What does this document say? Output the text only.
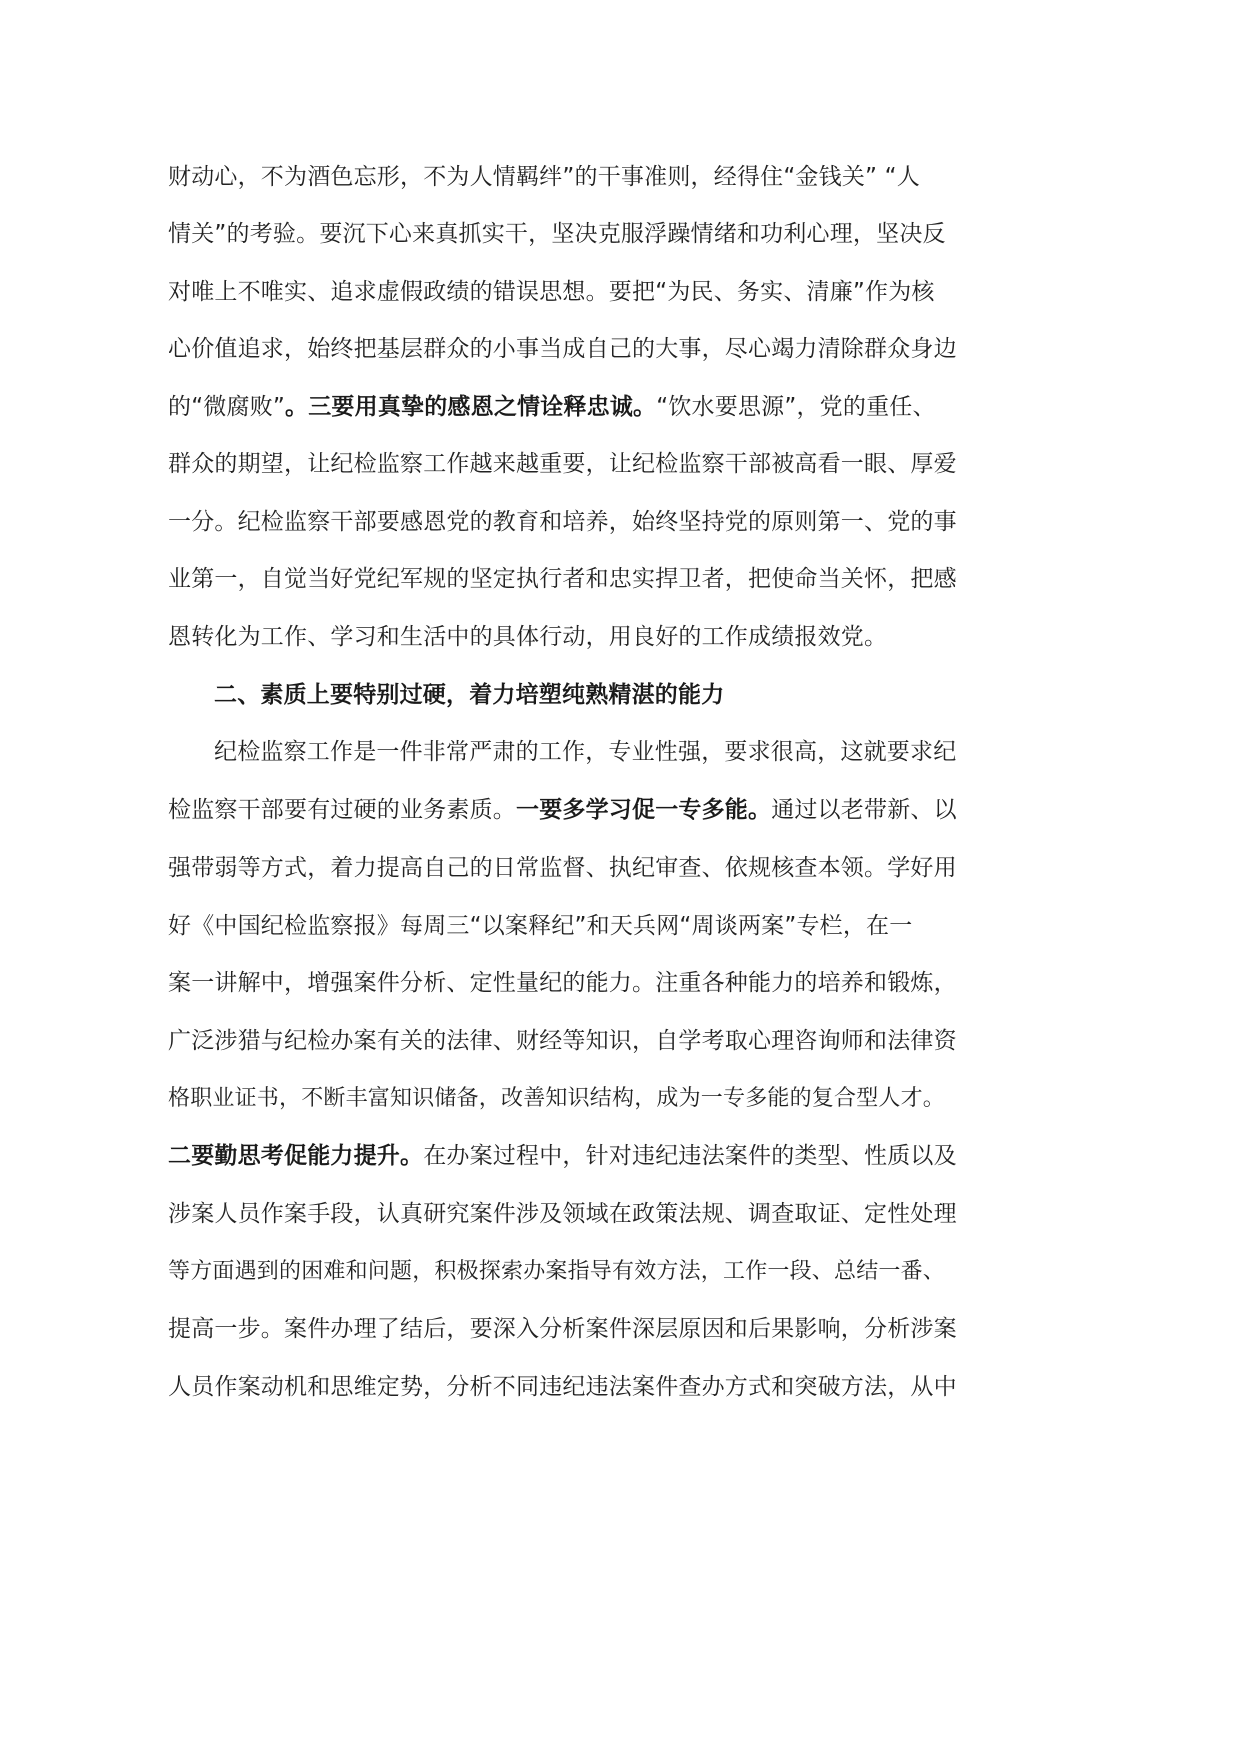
财动心，不为酒色忘形，不为人情羁绊”的干事准则，经得住“金钱关” “人
情关”的考验。要沉下心来真抓实干，坚决克服浮躁情绪和功利心理，坚决反
对唯上不唯实、追求虚假政绩的错误思想。要把“为民、务实、清廉”作为核
心价值追求，始终把基层群众的小事当成自己的大事，尽心竭力清除群众身边
的“微腐败”。三要用真挚的感恩之情诠释忠诚。“饮水要思源”，党的重任、
群众的期望，让纪检监察工作越来越重要，让纪检监察干部被高看一眼、厚爱
一分。纪检监察干部要感恩党的教育和培养，始终坚持党的原则第一、党的事
业第一，自觉当好党纪军规的坚定执行者和忠实捍卫者，把使命当关怀，把感
恩转化为工作、学习和生活中的具体行动，用良好的工作成绩报效党。
二、素质上要特别过硬，着力培塑纯熟精湛的能力
纪检监察工作是一件非常严肃的工作，专业性强，要求很高，这就要求纪
检监察干部要有过硬的业务素质。一要多学习促一专多能。通过以老带新、以
强带弱等方式，着力提高自己的日常监督、执纪审查、依规核查本领。学好用
好《中国纪检监察报》每周三“以案释纪”和天兵网“周谈两案”专栏，在一
案一讲解中，增强案件分析、定性量纪的能力。注重各种能力的培养和锻炼，
广泛涉猎与纪检办案有关的法律、财经等知识，自学考取心理咨询师和法律资
格职业证书，不断丰富知识储备，改善知识结构，成为一专多能的复合型人才。
二要勤思考促能力提升。在办案过程中，针对违纪违法案件的类型、性质以及
涉案人员作案手段，认真研究案件涉及领域在政策法规、调查取证、定性处理
等方面遇到的困难和问题，积极探索办案指导有效方法，工作一段、总结一番、
提高一步。案件办理了结后，要深入分析案件深层原因和后果影响，分析涉案
人员作案动机和思维定势，分析不同违纪违法案件查办方式和突破方法，从中
